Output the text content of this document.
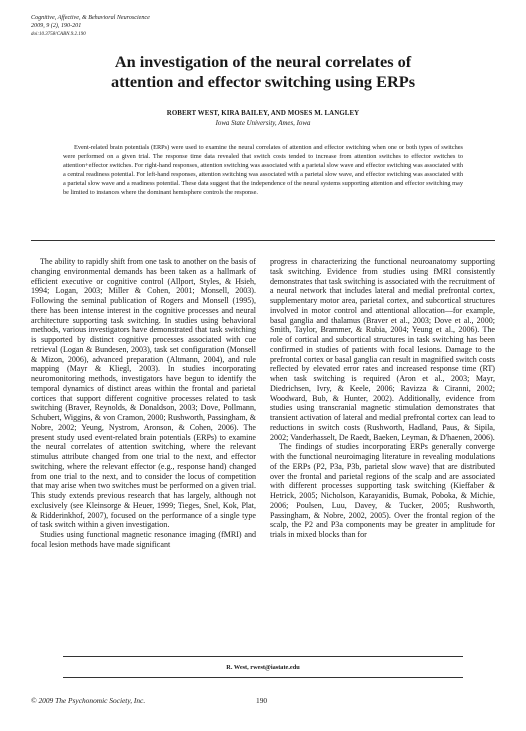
Cognitive, Affective, & Behavioral Neuroscience
2009, 9 (2), 190-201
doi:10.3758/CABN.9.2.190
An investigation of the neural correlates of
attention and effector switching using ERPs
ROBERT WEST, KIRA BAILEY, AND MOSES M. LANGLEY
Iowa State University, Ames, Iowa

Event-related brain potentials (ERPs) were used to examine the neural correlates of attention and effector switching when one or both types of switches were performed on a given trial. The response time data revealed that switch costs tended to increase from attention switches to effector switches to attention+effector switches. For right-hand responses, attention switching was associated with a parietal slow wave and effector switching was associated with a central readiness potential. For left-hand responses, attention switching was associated with a parietal slow wave, and effector switching was associated with a parietal slow wave and a readiness potential. These data suggest that the independence of the neural systems supporting attention and effector switching may be limited to instances where the dominant hemisphere controls the response.

The ability to rapidly shift from one task to another on the basis of changing environmental demands has been taken as a hallmark of efficient executive or cognitive control (Allport, Styles, & Hsieh, 1994; Logan, 2003; Miller & Cohen, 2001; Monsell, 2003). Following the seminal publication of Rogers and Monsell (1995), there has been intense interest in the cognitive processes and neural architecture supporting task switching. In studies using behavioral methods, various investigators have demonstrated that task switching is supported by distinct cognitive processes associated with cue retrieval (Logan & Bundesen, 2003), task set configuration (Monsell & Mizon, 2006), advanced preparation (Altmann, 2004), and rule mapping (Mayr & Kliegl, 2003). In studies incorporating neuromonitoring methods, investigators have begun to identify the temporal dynamics of distinct areas within the frontal and parietal cortices that support different cognitive processes related to task switching (Braver, Reynolds, & Donaldson, 2003; Dove, Pollmann, Schubert, Wiggins, & von Cramon, 2000; Rushworth, Passingham, & Nobre, 2002; Yeung, Nystrom, Aronson, & Cohen, 2006). The present study used event-related brain potentials (ERPs) to examine the neural correlates of attention switching, where the relevant stimulus attribute changed from one trial to the next, and effector switching, where the relevant effector (e.g., response hand) changed from one trial to the next, and to consider the locus of competition that may arise when two switches must be performed on a given trial. This study extends previous research that has largely, although not exclusively (see Kleinsorge & Heuer, 1999; Tieges, Snel, Kok, Plat, & Ridderinkhof, 2007), focused on the performance of a single type of task switch within a given investigation.

Studies using functional magnetic resonance imaging (fMRI) and focal lesion methods have made significant

progress in characterizing the functional neuroanatomy supporting task switching. Evidence from studies using fMRI consistently demonstrates that task switching is associated with the recruitment of a neural network that includes lateral and medial prefrontal cortex, supplementary motor area, parietal cortex, and subcortical structures involved in motor control and attentional allocation—for example, basal ganglia and thalamus (Braver et al., 2003; Dove et al., 2000; Smith, Taylor, Brammer, & Rubia, 2004; Yeung et al., 2006). The role of cortical and subcortical structures in task switching has been confirmed in studies of patients with focal lesions. Damage to the prefrontal cortex or basal ganglia can result in magnified switch costs reflected by elevated error rates and increased response time (RT) when task switching is required (Aron et al., 2003; Mayr, Diedrichsen, Ivry, & Keele, 2006; Ravizza & Ciranni, 2002; Woodward, Bub, & Hunter, 2002). Additionally, evidence from studies using transcranial magnetic stimulation demonstrates that transient activation of lateral and medial prefrontal cortex can lead to reductions in switch costs (Rushworth, Hadland, Paus, & Sipila, 2002; Vanderhasselt, De Raedt, Baeken, Leyman, & D'haenen, 2006).

The findings of studies incorporating ERPs generally converge with the functional neuroimaging literature in revealing modulations of the ERPs (P2, P3a, P3b, parietal slow wave) that are distributed over the frontal and parietal regions of the scalp and are associated with different processes supporting task switching (Kieffaber & Hetrick, 2005; Nicholson, Karayanidis, Bumak, Poboka, & Michie, 2006; Poulsen, Luu, Davey, & Tucker, 2005; Rushworth, Passingham, & Nobre, 2002, 2005). Over the frontal region of the scalp, the P2 and P3a components may be greater in amplitude for trials in mixed blocks than for

R. West, rwest@iastate.edu
© 2009 The Psychonomic Society, Inc.	190
